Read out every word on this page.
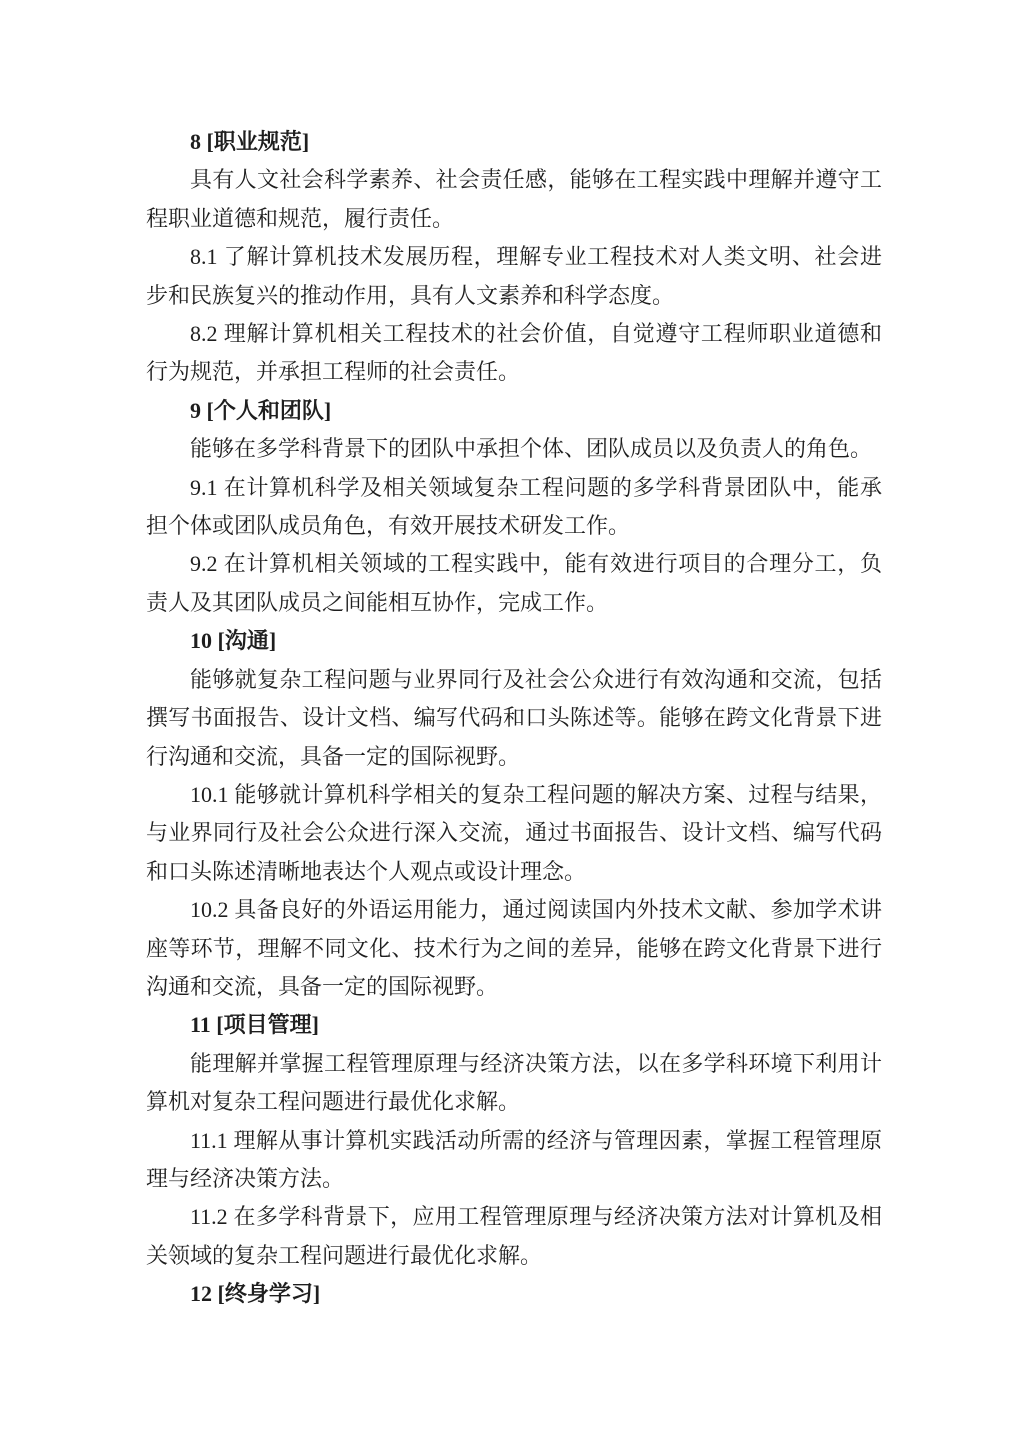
8 [职业规范]

具有人文社会科学素养、社会责任感，能够在工程实践中理解并遵守工程职业道德和规范，履行责任。

8.1 了解计算机技术发展历程，理解专业工程技术对人类文明、社会进步和民族复兴的推动作用，具有人文素养和科学态度。

8.2 理解计算机相关工程技术的社会价值，自觉遵守工程师职业道德和行为规范，并承担工程师的社会责任。

9 [个人和团队]

能够在多学科背景下的团队中承担个体、团队成员以及负责人的角色。

9.1 在计算机科学及相关领域复杂工程问题的多学科背景团队中，能承担个体或团队成员角色，有效开展技术研发工作。

9.2 在计算机相关领域的工程实践中，能有效进行项目的合理分工，负责人及其团队成员之间能相互协作，完成工作。

10 [沟通]

能够就复杂工程问题与业界同行及社会公众进行有效沟通和交流，包括撰写书面报告、设计文档、编写代码和口头陈述等。能够在跨文化背景下进行沟通和交流，具备一定的国际视野。

10.1 能够就计算机科学相关的复杂工程问题的解决方案、过程与结果，与业界同行及社会公众进行深入交流，通过书面报告、设计文档、编写代码和口头陈述清晰地表达个人观点或设计理念。

10.2 具备良好的外语运用能力，通过阅读国内外技术文献、参加学术讲座等环节，理解不同文化、技术行为之间的差异，能够在跨文化背景下进行沟通和交流，具备一定的国际视野。

11 [项目管理]

能理解并掌握工程管理原理与经济决策方法，以在多学科环境下利用计算机对复杂工程问题进行最优化求解。

11.1 理解从事计算机实践活动所需的经济与管理因素，掌握工程管理原理与经济决策方法。

11.2 在多学科背景下，应用工程管理原理与经济决策方法对计算机及相关领域的复杂工程问题进行最优化求解。

12 [终身学习]
